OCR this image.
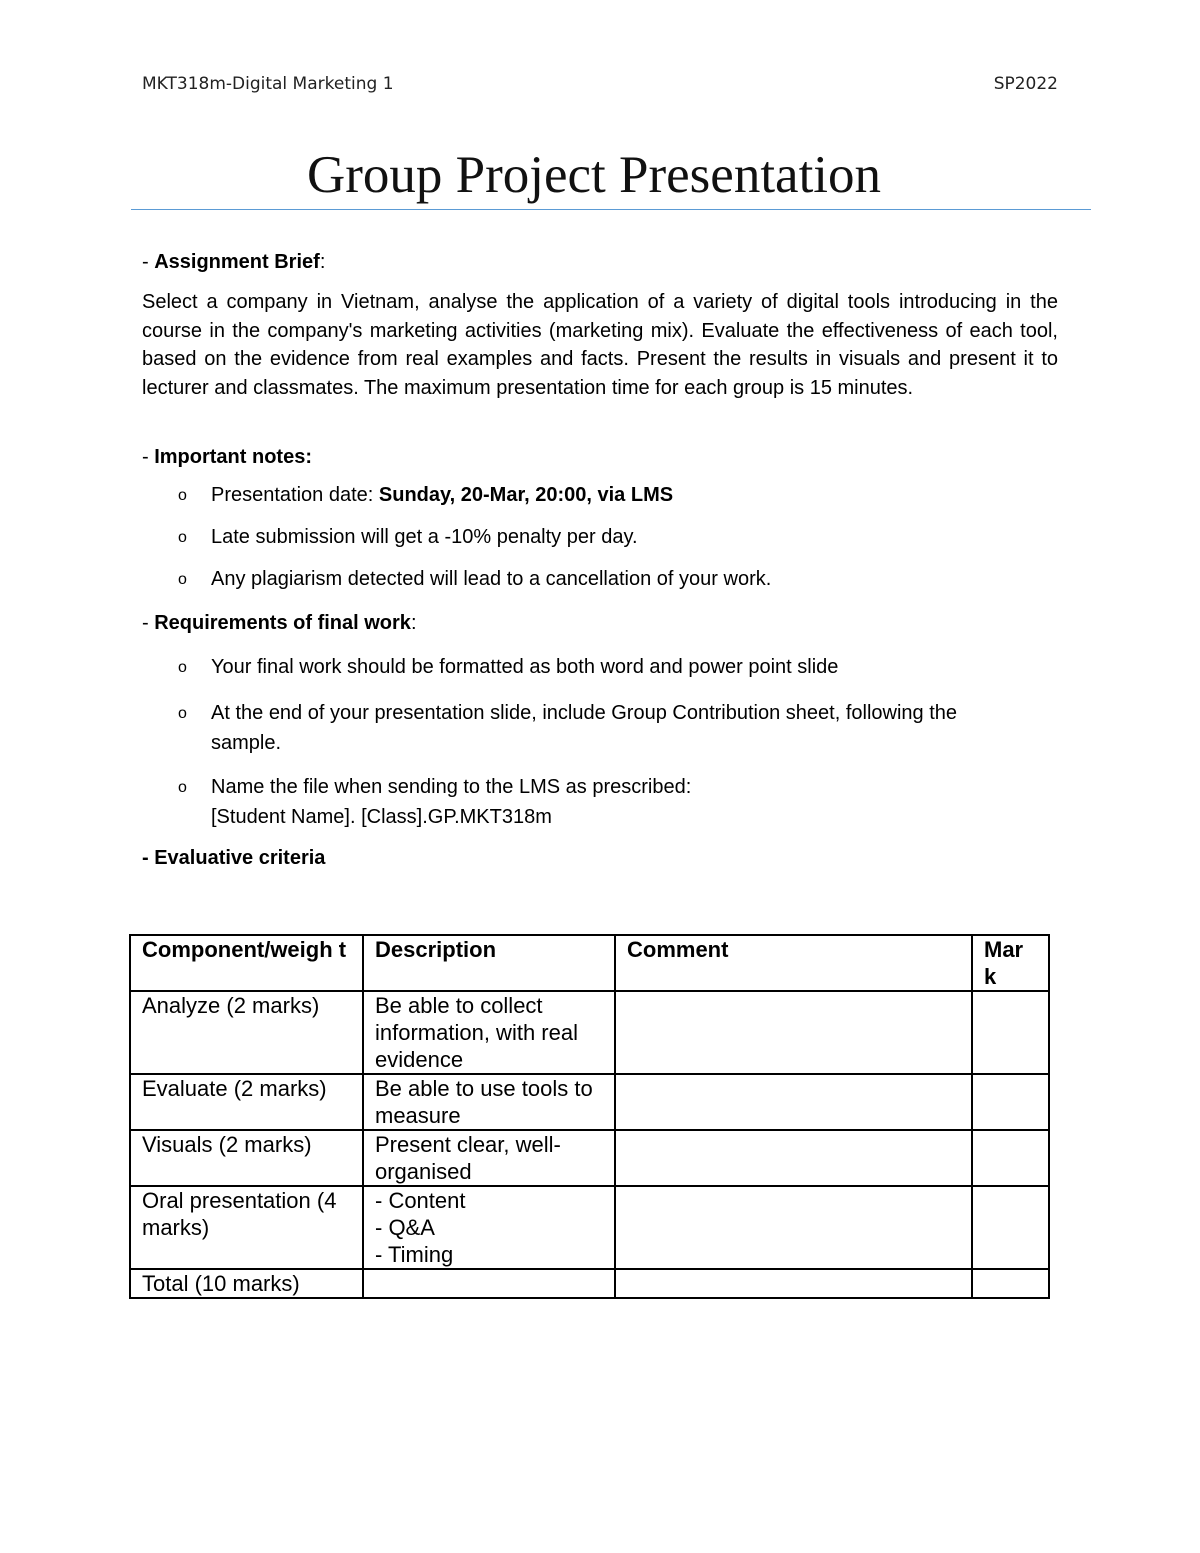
MKT318m-Digital Marketing 1	SP2022
Group Project Presentation
- Assignment Brief:
Select a company in Vietnam, analyse the application of a variety of digital tools introducing in the course in the company's marketing activities (marketing mix). Evaluate the effectiveness of each tool, based on the evidence from real examples and facts. Present the results in visuals and present it to lecturer and classmates. The maximum presentation time for each group is 15 minutes.
- Important notes:
o Presentation date: Sunday, 20-Mar, 20:00, via LMS
o Late submission will get a -10% penalty per day.
o Any plagiarism detected will lead to a cancellation of your work.
- Requirements of final work:
o Your final work should be formatted as both word and power point slide
o At the end of your presentation slide, include Group Contribution sheet, following the
sample.
o Name the file when sending to the LMS as prescribed:
[Student Name]. [Class].GP.MKT318m
- Evaluative criteria
Component/weigh t	Description	Comment	Mar k
Analyze (2 marks)	Be able to collect information, with real evidence		
Evaluate (2 marks)	Be able to use tools to measure		
Visuals (2 marks)	Present clear, well-organised		
Oral presentation (4 marks)	- Content
- Q&A
- Timing		

Total (10 marks)			
